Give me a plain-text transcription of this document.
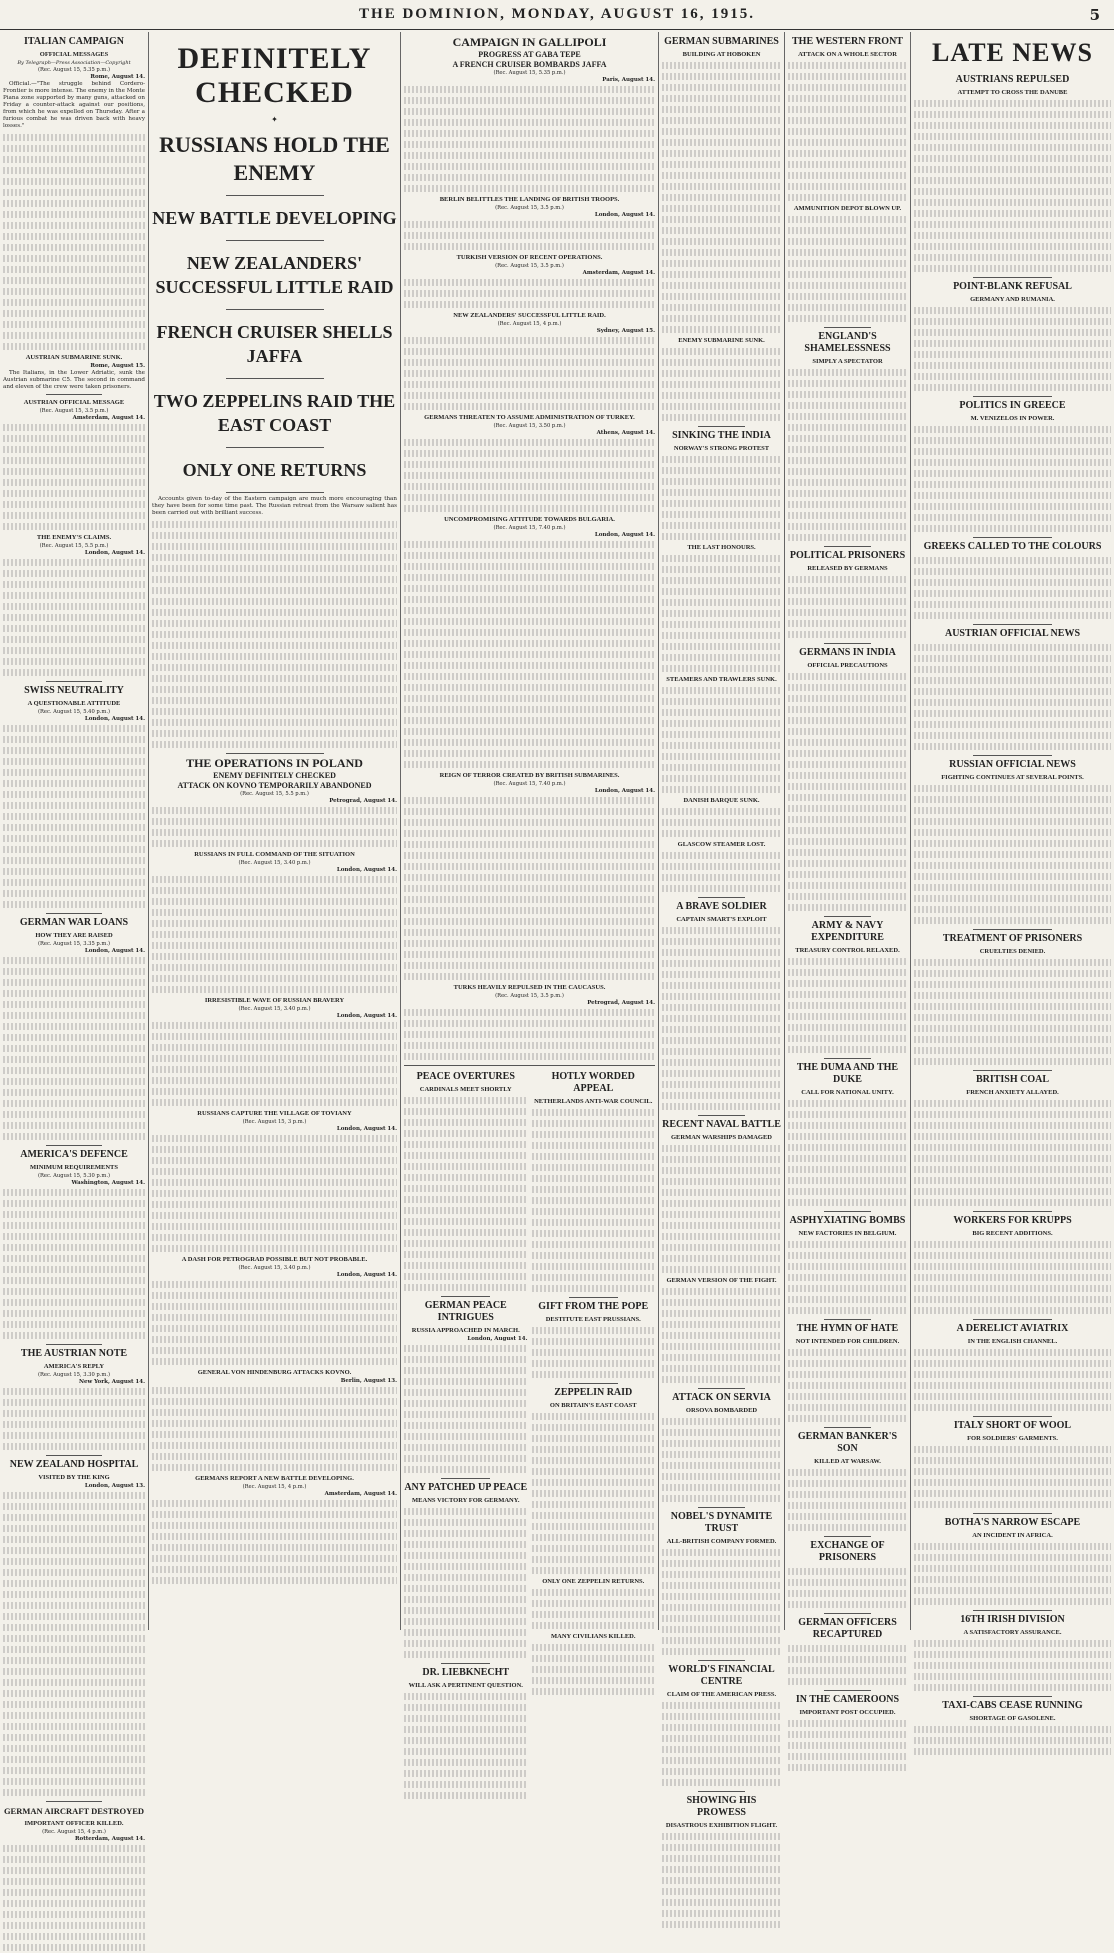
THE DOMINION, MONDAY, AUGUST 16, 1915.	5
ITALIAN CAMPAIGN
OFFICIAL MESSAGES
By Telegraph—Press Association—Copyright
(Rec. August 15, 5.35 p.m.)
Rome, August 14.

Official.—"The struggle behind Cordero-Frontier is more intense. The enemy in the Monte Piana zone supported by many guns, attacked on Friday a counter-attack against our positions, from which he was expelled on Thursday. After a furious combat he was driven back with heavy losses."

AUSTRIAN SUBMARINE SUNK.
Rome, August 15.

The Italians, in the Lower Adriatic, sunk the Austrian submarine C5. The second in command and eleven of the crew were taken prisoners.

AUSTRIAN OFFICIAL MESSAGE
(Rec. August 15, 3.5 p.m.)
Amsterdam, August 14.
THE ENEMY'S CLAIMS.
(Rec. August 15, 5.5 p.m.)
London, August 14.
SWISS NEUTRALITY
A QUESTIONABLE ATTITUDE
(Rec. August 15, 5.40 p.m.)
London, August 14.
GERMAN WAR LOANS
HOW THEY ARE RAISED
(Rec. August 15, 3.35 p.m.)
London, August 14.
AMERICA'S DEFENCE
MINIMUM REQUIREMENTS
(Rec. August 15, 5.30 p.m.)
Washington, August 14.
THE AUSTRIAN NOTE
AMERICA'S REPLY
(Rec. August 15, 3.30 p.m.)
New York, August 14.
NEW ZEALAND HOSPITAL
VISITED BY THE KING
London, August 13.
GERMAN AIRCRAFT DESTROYED
IMPORTANT OFFICER KILLED.
(Rec. August 15, 4 p.m.)
Rotterdam, August 14.
DEFINITELY CHECKED
✦
RUSSIANS HOLD THE ENEMY
NEW BATTLE DEVELOPING
NEW ZEALANDERS' SUCCESSFUL LITTLE RAID
FRENCH CRUISER SHELLS JAFFA
TWO ZEPPELINS RAID THE EAST COAST
ONLY ONE RETURNS

Accounts given to-day of the Eastern campaign are much more encouraging than they have been for some time past. The Russian retreat from the Warsaw salient has been carried out with brilliant success.

THE OPERATIONS IN POLAND
ENEMY DEFINITELY CHECKED
ATTACK ON KOVNO TEMPORARILY ABANDONED
(Rec. August 15, 5.5 p.m.)
Petrograd, August 14.
RUSSIANS IN FULL COMMAND OF THE SITUATION
(Rec. August 15, 3.40 p.m.)
London, August 14.
IRRESISTIBLE WAVE OF RUSSIAN BRAVERY
(Rec. August 15, 3.40 p.m.)
London, August 14.
RUSSIANS CAPTURE THE VILLAGE OF TOVIANY
(Rec. August 15, 3 p.m.)
London, August 14.
A DASH FOR PETROGRAD POSSIBLE BUT NOT PROBABLE.
(Rec. August 15, 3.40 p.m.)
London, August 14.
GENERAL VON HINDENBURG ATTACKS KOVNO.
Berlin, August 13.
GERMANS REPORT A NEW BATTLE DEVELOPING.
(Rec. August 15, 4 p.m.)
Amsterdam, August 14.
CAMPAIGN IN GALLIPOLI
PROGRESS AT GABA TEPE
A FRENCH CRUISER BOMBARDS JAFFA
(Rec. August 15, 5.35 p.m.)
Paris, August 14.
BERLIN BELITTLES THE LANDING OF BRITISH TROOPS.
(Rec. August 15, 3.5 p.m.)
London, August 14.
TURKISH VERSION OF RECENT OPERATIONS.
(Rec. August 15, 3.5 p.m.)
Amsterdam, August 14.
NEW ZEALANDERS' SUCCESSFUL LITTLE RAID.
(Rec. August 15, 4 p.m.)
Sydney, August 15.
GERMANS THREATEN TO ASSUME ADMINISTRATION OF TURKEY.
(Rec. August 15, 3.50 p.m.)
Athens, August 14.
UNCOMPROMISING ATTITUDE TOWARDS BULGARIA.
(Rec. August 15, 7.40 p.m.)
London, August 14.
REIGN OF TERROR CREATED BY BRITISH SUBMARINES.
(Rec. August 15, 7.40 p.m.)
London, August 14.
TURKS HEAVILY REPULSED IN THE CAUCASUS.
(Rec. August 15, 3.5 p.m.)
Petrograd, August 14.
PEACE OVERTURES
CARDINALS MEET SHORTLY
GERMAN PEACE INTRIGUES
RUSSIA APPROACHED IN MARCH.
London, August 14.
ANY PATCHED UP PEACE
MEANS VICTORY FOR GERMANY.
DR. LIEBKNECHT
WILL ASK A PERTINENT QUESTION.
HOTLY WORDED APPEAL
NETHERLANDS ANTI-WAR COUNCIL.
GIFT FROM THE POPE
DESTITUTE EAST PRUSSIANS.
ZEPPELIN RAID
ON BRITAIN'S EAST COAST
ONLY ONE ZEPPELIN RETURNS.
MANY CIVILIANS KILLED.
GERMAN SUBMARINES
BUILDING AT HOBOKEN
ENEMY SUBMARINE SUNK.
SINKING THE INDIA
NORWAY'S STRONG PROTEST
THE LAST HONOURS.
STEAMERS AND TRAWLERS SUNK.
DANISH BARQUE SUNK.
GLASCOW STEAMER LOST.
A BRAVE SOLDIER
CAPTAIN SMART'S EXPLOIT
RECENT NAVAL BATTLE
GERMAN WARSHIPS DAMAGED
GERMAN VERSION OF THE FIGHT.
ATTACK ON SERVIA
ORSOVA BOMBARDED
NOBEL'S DYNAMITE TRUST
ALL-BRITISH COMPANY FORMED.
WORLD'S FINANCIAL CENTRE
CLAIM OF THE AMERICAN PRESS.
SHOWING HIS PROWESS
DISASTROUS EXHIBITION FLIGHT.
THE WESTERN FRONT
ATTACK ON A WHOLE SECTOR
AMMUNITION DEPOT BLOWN UP.
ENGLAND'S SHAMELESSNESS
SIMPLY A SPECTATOR
POLITICAL PRISONERS
RELEASED BY GERMANS
GERMANS IN INDIA
OFFICIAL PRECAUTIONS
ARMY & NAVY EXPENDITURE
TREASURY CONTROL RELAXED.
THE DUMA AND THE DUKE
CALL FOR NATIONAL UNITY.
ASPHYXIATING BOMBS
NEW FACTORIES IN BELGIUM.
THE HYMN OF HATE
NOT INTENDED FOR CHILDREN.
GERMAN BANKER'S SON
KILLED AT WARSAW.
EXCHANGE OF PRISONERS
GERMAN OFFICERS RECAPTURED
IN THE CAMEROONS
IMPORTANT POST OCCUPIED.
LATE NEWS
AUSTRIANS REPULSED
ATTEMPT TO CROSS THE DANUBE
POINT-BLANK REFUSAL
GERMANY AND RUMANIA.
POLITICS IN GREECE
M. VENIZELOS IN POWER.
GREEKS CALLED TO THE COLOURS
AUSTRIAN OFFICIAL NEWS
RUSSIAN OFFICIAL NEWS
FIGHTING CONTINUES AT SEVERAL POINTS.
TREATMENT OF PRISONERS
CRUELTIES DENIED.
BRITISH COAL
FRENCH ANXIETY ALLAYED.
WORKERS FOR KRUPPS
BIG RECENT ADDITIONS.
A DERELICT AVIATRIX
IN THE ENGLISH CHANNEL.
ITALY SHORT OF WOOL
FOR SOLDIERS' GARMENTS.
BOTHA'S NARROW ESCAPE
AN INCIDENT IN AFRICA.
16TH IRISH DIVISION
A SATISFACTORY ASSURANCE.
TAXI-CABS CEASE RUNNING
SHORTAGE OF GASOLENE.
